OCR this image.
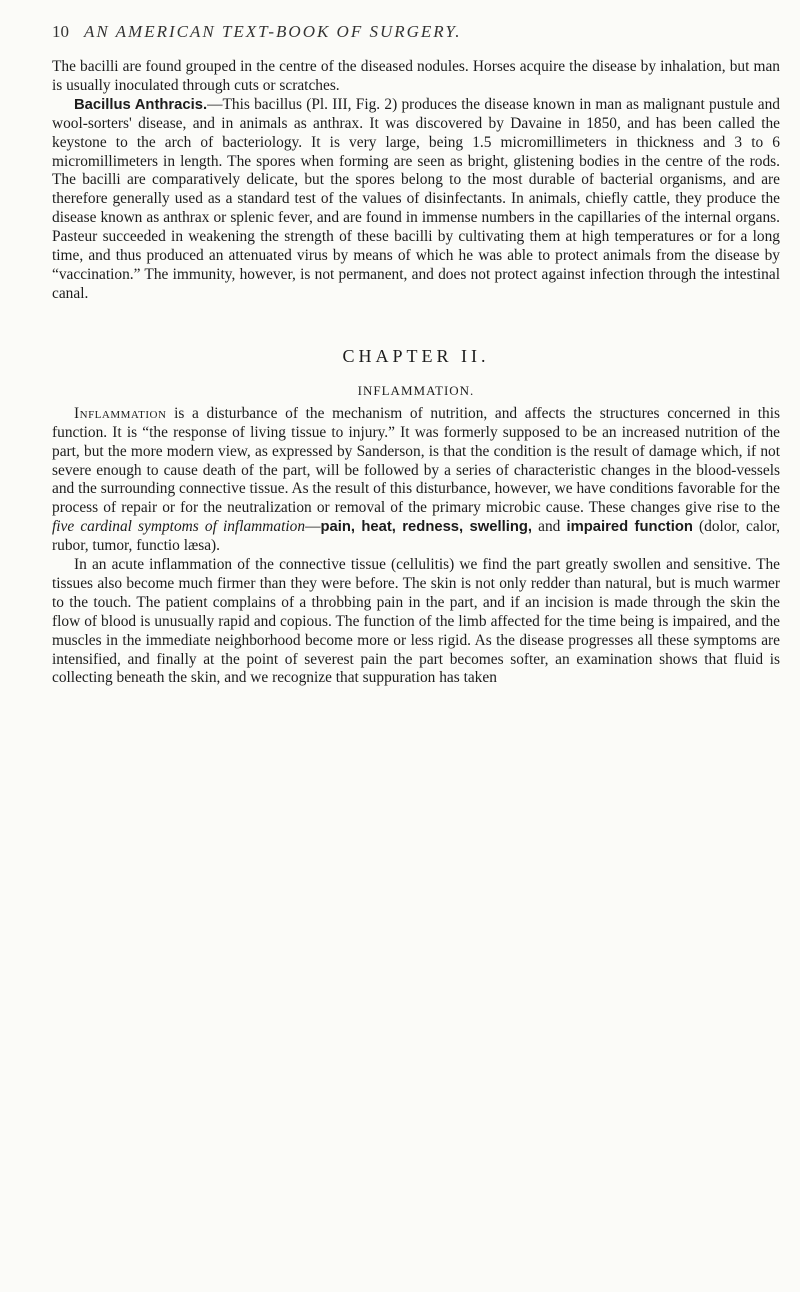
10 AN AMERICAN TEXT-BOOK OF SURGERY.

The bacilli are found grouped in the centre of the diseased nodules. Horses acquire the disease by inhalation, but man is usually inoculated through cuts or scratches.

Bacillus Anthracis.—This bacillus (Pl. III, Fig. 2) produces the disease known in man as malignant pustule and wool-sorters' disease, and in animals as anthrax. It was discovered by Davaine in 1850, and has been called the keystone to the arch of bacteriology. It is very large, being 1.5 micromillimeters in thickness and 3 to 6 micromillimeters in length. The spores when forming are seen as bright, glistening bodies in the centre of the rods. The bacilli are comparatively delicate, but the spores belong to the most durable of bacterial organisms, and are therefore generally used as a standard test of the values of disinfectants. In animals, chiefly cattle, they produce the disease known as anthrax or splenic fever, and are found in immense numbers in the capillaries of the internal organs. Pasteur succeeded in weakening the strength of these bacilli by cultivating them at high temperatures or for a long time, and thus produced an attenuated virus by means of which he was able to protect animals from the disease by “vaccination.” The immunity, however, is not permanent, and does not protect against infection through the intestinal canal.

CHAPTER II.
INFLAMMATION.

Inflammation is a disturbance of the mechanism of nutrition, and affects the structures concerned in this function. It is “the response of living tissue to injury.” It was formerly supposed to be an increased nutrition of the part, but the more modern view, as expressed by Sanderson, is that the condition is the result of damage which, if not severe enough to cause death of the part, will be followed by a series of characteristic changes in the blood-vessels and the surrounding connective tissue. As the result of this disturbance, however, we have conditions favorable for the process of repair or for the neutralization or removal of the primary microbic cause. These changes give rise to the five cardinal symptoms of inflammation—pain, heat, redness, swelling, and impaired function (dolor, calor, rubor, tumor, functio læsa).

In an acute inflammation of the connective tissue (cellulitis) we find the part greatly swollen and sensitive. The tissues also become much firmer than they were before. The skin is not only redder than natural, but is much warmer to the touch. The patient complains of a throbbing pain in the part, and if an incision is made through the skin the flow of blood is unusually rapid and copious. The function of the limb affected for the time being is impaired, and the muscles in the immediate neighborhood become more or less rigid. As the disease progresses all these symptoms are intensified, and finally at the point of severest pain the part becomes softer, an examination shows that fluid is collecting beneath the skin, and we recognize that suppuration has taken
